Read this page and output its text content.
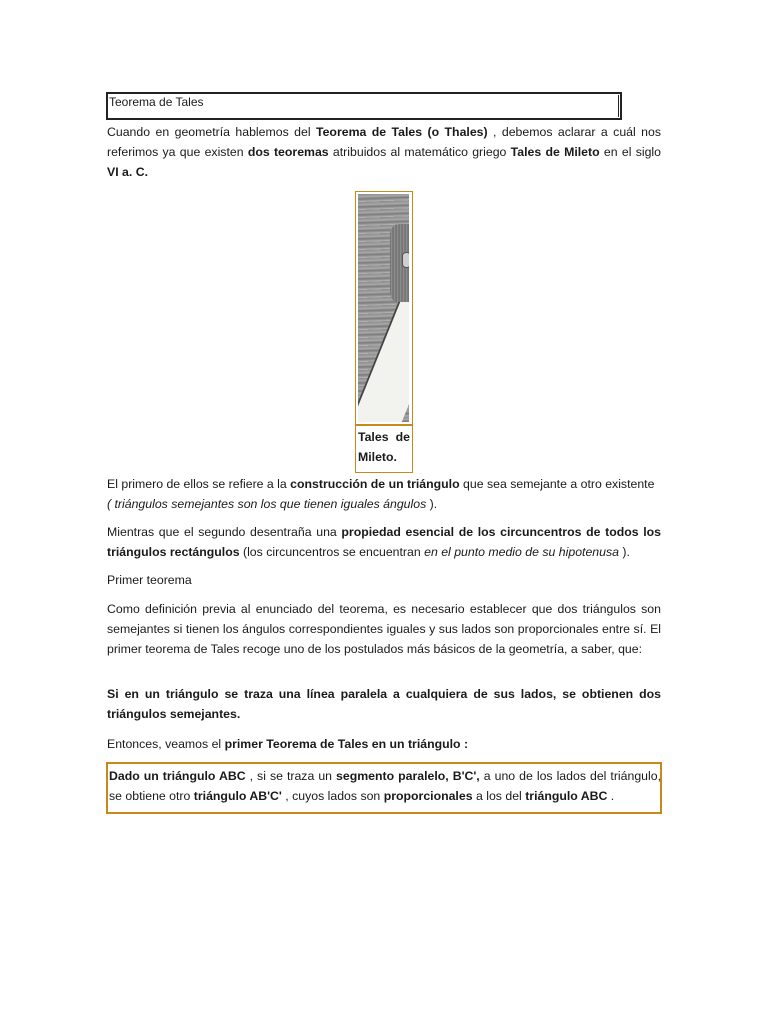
Teorema de Tales

Cuando en geometría hablemos del Teorema de Tales (o Thales) , debemos aclarar a cuál nos referimos ya que existen dos teoremas atribuidos al matemático griego Tales de Mileto en el siglo VI a. C.

Tales de
Mileto.

El primero de ellos se refiere a la construcción de un triángulo que sea semejante a otro existente
( triángulos semejantes son los que tienen iguales ángulos ).

Mientras que el segundo desentraña una propiedad esencial de los circuncentros de todos los triángulos rectángulos (los circuncentros se encuentran en el punto medio de su hipotenusa ).

Primer teorema

Como definición previa al enunciado del teorema, es necesario establecer que dos triángulos son semejantes si tienen los ángulos correspondientes iguales y sus lados son proporcionales entre sí. El primer teorema de Tales recoge uno de los postulados más básicos de la geometría, a saber, que:

Si en un triángulo se traza una línea paralela a cualquiera de sus lados, se obtienen dos triángulos semejantes.

Entonces, veamos el primer Teorema de Tales en un triángulo :

Dado un triángulo ABC , si se traza un segmento paralelo, B'C', a uno de los lados del triángulo, se obtiene otro triángulo AB'C' , cuyos lados son proporcionales a los del triángulo ABC .
